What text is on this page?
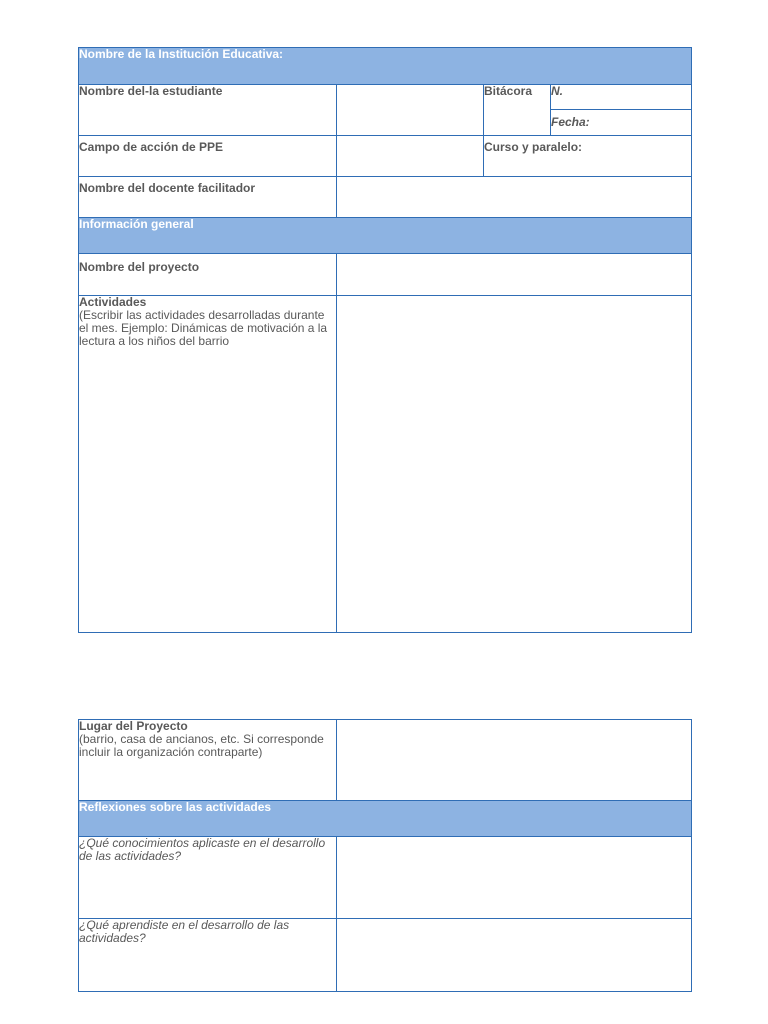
Nombre de la Institución Educativa:			
Nombre del-la estudiante		Bitácora	N.
			Fecha:
Campo de acción de PPE		Curso y paralelo:	
Nombre del docente facilitador			
Información general			
Nombre del proyecto			
Actividades
(Escribir las actividades desarrolladas durante el mes. Ejemplo: Dinámicas de motivación a la lectura a los niños del barrio			

Lugar del Proyecto
(barrio, casa de ancianos, etc. Si corresponde incluir la organización contraparte)	

Reflexiones sobre las actividades	
¿Qué conocimientos aplicaste en el desarrollo de las actividades?	
¿Qué aprendiste en el desarrollo de las actividades?	
